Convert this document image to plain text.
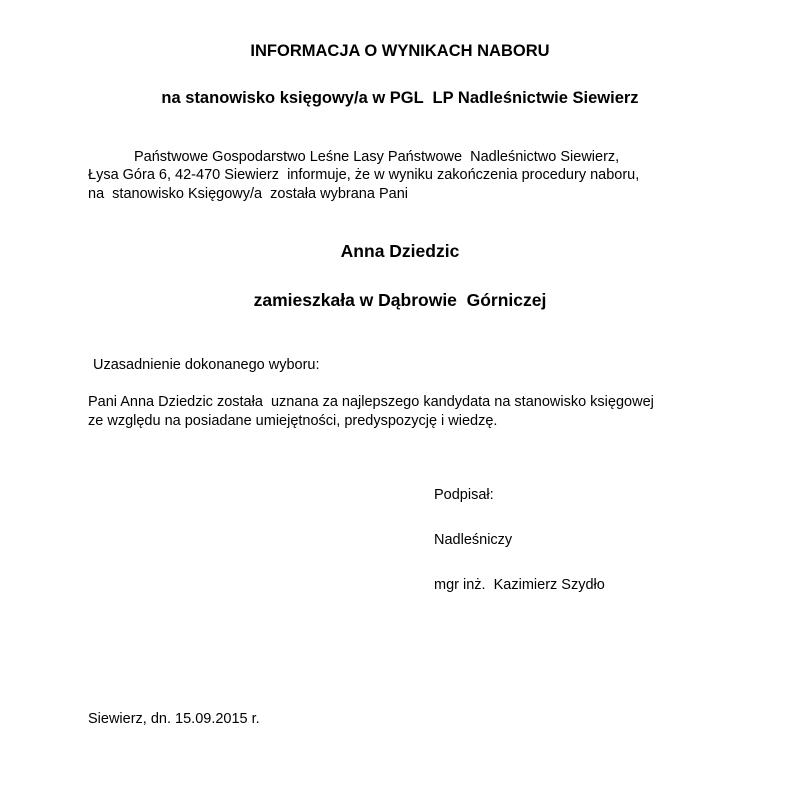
INFORMACJA O WYNIKACH NABORU

na stanowisko księgowy/a w PGL  LP Nadleśnictwie Siewierz

Państwowe Gospodarstwo Leśne Lasy Państwowe  Nadleśnictwo Siewierz,

Łysa Góra 6, 42-470 Siewierz  informuje, że w wyniku zakończenia procedury naboru,

na  stanowisko Księgowy/a  została wybrana Pani

Anna Dziedzic

zamieszkała w Dąbrowie  Górniczej

Uzasadnienie dokonanego wyboru:

Pani Anna Dziedzic została  uznana za najlepszego kandydata na stanowisko księgowej

ze względu na posiadane umiejętności, predyspozycję i wiedzę.

Podpisał:

Nadleśniczy

mgr inż.  Kazimierz Szydło

Siewierz, dn. 15.09.2015 r.
